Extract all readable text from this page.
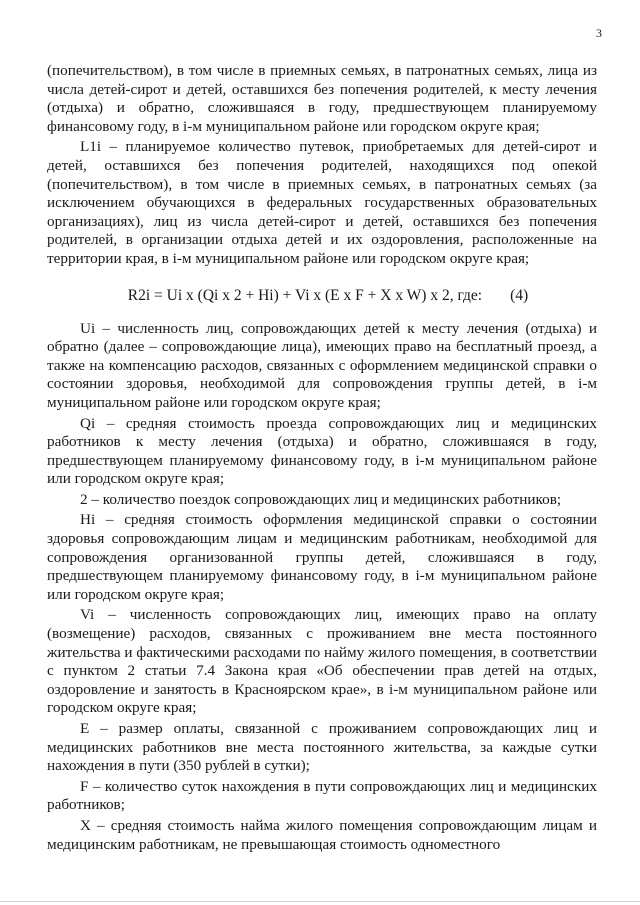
3

(попечительством), в том числе в приемных семьях, в патронатных семьях, лица из числа детей-сирот и детей, оставшихся без попечения родителей, к месту лечения (отдыха) и обратно, сложившаяся в году, предшествующем планируемому финансовому году, в i-м муниципальном районе или городском округе края;

L1i – планируемое количество путевок, приобретаемых для детей-сирот и детей, оставшихся без попечения родителей, находящихся под опекой (попечительством), в том числе в приемных семьях, в патронатных семьях (за исключением обучающихся в федеральных государственных образовательных организациях), лиц из числа детей-сирот и детей, оставшихся без попечения родителей, в организации отдыха детей и их оздоровления, расположенные на территории края, в i-м муниципальном районе или городском округе края;

R2i = Ui x (Qi x 2 + Hi) + Vi x (E x F + X x W) x 2, где: (4)

Ui – численность лиц, сопровождающих детей к месту лечения (отдыха) и обратно (далее – сопровождающие лица), имеющих право на бесплатный проезд, а также на компенсацию расходов, связанных с оформлением медицинской справки о состоянии здоровья, необходимой для сопровождения группы детей, в i-м муниципальном районе или городском округе края;

Qi – средняя стоимость проезда сопровождающих лиц и медицинских работников к месту лечения (отдыха) и обратно, сложившаяся в году, предшествующем планируемому финансовому году, в i-м муниципальном районе или городском округе края;

2 – количество поездок сопровождающих лиц и медицинских работников;

Hi – средняя стоимость оформления медицинской справки о состоянии здоровья сопровождающим лицам и медицинским работникам, необходимой для сопровождения организованной группы детей, сложившаяся в году, предшествующем планируемому финансовому году, в i-м муниципальном районе или городском округе края;

Vi – численность сопровождающих лиц, имеющих право на оплату (возмещение) расходов, связанных с проживанием вне места постоянного жительства и фактическими расходами по найму жилого помещения, в соответствии с пунктом 2 статьи 7.4 Закона края «Об обеспечении прав детей на отдых, оздоровление и занятость в Красноярском крае», в i-м муниципальном районе или городском округе края;

E – размер оплаты, связанной с проживанием сопровождающих лиц и медицинских работников вне места постоянного жительства, за каждые сутки нахождения в пути (350 рублей в сутки);

F – количество суток нахождения в пути сопровождающих лиц и медицинских работников;

X – средняя стоимость найма жилого помещения сопровождающим лицам и медицинским работникам, не превышающая стоимость одноместного
